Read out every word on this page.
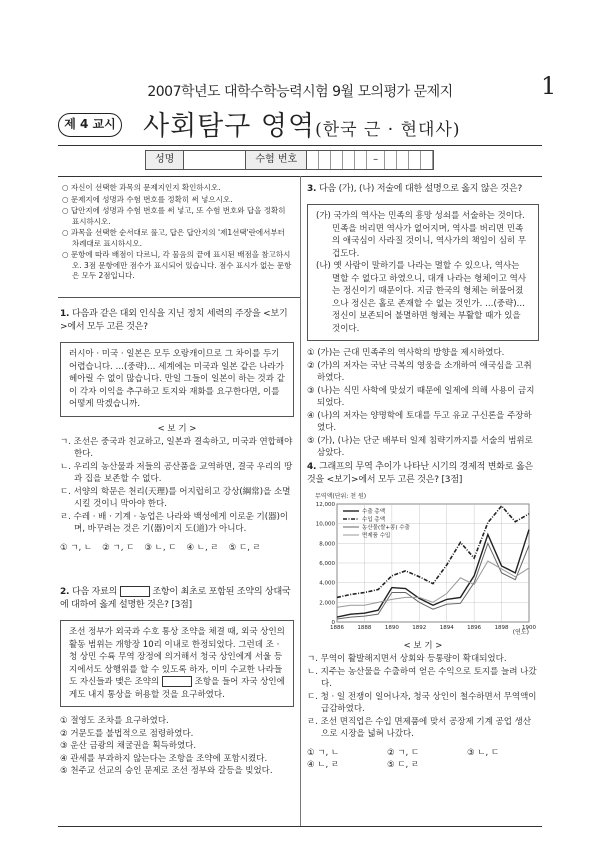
2007학년도 대학수학능력시험 9월 모의평가 문제지	1
제 4 교시 사회탐구 영역(한국 근 · 현대사)
성명	수험 번호	–
○ 자신이 선택한 과목의 문제지인지 확인하시오.
○ 문제지에 성명과 수험 번호를 정확히 써 넣으시오.
○ 답안지에 성명과 수험 번호를 써 넣고, 또 수험 번호와 답을 정확히 표시하시오.
○ 과목을 선택한 순서대로 풀고, 답은 답안지의 '제1선택'란에서부터 차례대로 표시하시오.
○ 문항에 따라 배점이 다르니, 각 물음의 끝에 표시된 배점을 참고하시오. 3점 문항에만 점수가 표시되어 있습니다. 점수 표시가 없는 문항은 모두 2점입니다.
1. 다음과 같은 대외 인식을 지닌 정치 세력의 주장을 <보기>에서 모두 고른 것은?
러시아 · 미국 · 일본은 모두 오랑캐이므로 그 차이를 두기 어렵습니다. …(중략)… 세계에는 미국과 일본 같은 나라가 헤아릴 수 없이 많습니다. 만일 그들이 일본이 하는 것과 같이 각자 이익을 추구하고 토지와 재화를 요구한다면, 이를 어떻게 막겠습니까.
< 보 기 >
ㄱ. 조선은 중국과 친교하고, 일본과 결속하고, 미국과 연합해야 한다.
ㄴ. 우리의 농산물과 저들의 공산품을 교역하면, 결국 우리의 땅과 집을 보존할 수 없다.
ㄷ. 서양의 학문은 천리(天理)를 어지럽히고 강상(綱常)을 소멸시킬 것이니 막아야 한다.
ㄹ. 수레 · 배 · 기계 · 농업은 나라와 백성에게 이로운 기(器)이며, 바꾸려는 것은 기(器)이지 도(道)가 아니다.
① ㄱ, ㄴ ② ㄱ, ㄷ ③ ㄴ, ㄷ ④ ㄴ, ㄹ ⑤ ㄷ, ㄹ
2. 다음 자료의	조항이 최초로 포함된 조약의 상대국에 대하여 옳게 설명한 것은? [3점]
조선 정부가 외국과 수호 통상 조약을 체결 때, 외국 상인의 활동 범위는 개항장 10리 이내로 한정되었다. 그런데 조 · 청 상민 수륙 무역 장정에 의거해서 청국 상인에게 서울 등지에서도 상행위를 할 수 있도록 하자, 이미 수교한 나라들도 자신들과 맺은 조약의	조항을 들어 자국 상인에게도 내지 통상을 허용할 것을 요구하였다.
① 절영도 조차를 요구하였다.
② 거문도를 불법적으로 점령하였다.
③ 운산 금광의 채굴권을 획득하였다.
④ 관세를 부과하지 않는다는 조항을 조약에 포함시켰다.
⑤ 천주교 선교의 승인 문제로 조선 정부와 갈등을 빚었다.
3. 다음 (가), (나) 저술에 대한 설명으로 옳지 않은 것은?
(가) 국가의 역사는 민족의 흥망 성쇠를 서술하는 것이다. 민족을 버리면 역사가 없어지며, 역사를 버리면 민족의 애국심이 사라질 것이니, 역사가의 책임이 심히 무겁도다.
(나) 옛 사람이 말하기를 나라는 멸할 수 있으나, 역사는 멸할 수 없다고 하였으니, 대개 나라는 형체이고 역사는 정신이기 때문이다. 지금 한국의 형체는 허물어졌으나 정신은 홀로 존재할 수 없는 것인가. …(중략)… 정신이 보존되어 불멸하면 형체는 부활할 때가 있을 것이다.
① (가)는 근대 민족주의 역사학의 방향을 제시하였다.
② (가)의 저자는 국난 극복의 영웅을 소개하여 애국심을 고취하였다.
③ (나)는 식민 사학에 맞섰기 때문에 일제에 의해 사용이 금지되었다.
④ (나)의 저자는 양명학에 토대를 두고 유교 구신론을 주장하였다.
⑤ (가), (나)는 단군 배부터 일제 침략기까지를 서술의 범위로 삼았다.
4. 그래프의 무역 추이가 나타난 시기의 경제적 변화로 옳은 것을 <보기>에서 모두 고른 것은? [3점]
무역액(단위: 천 원)
0
2,000
4,000
6,000
8,000
10,000
12,000
1886 1888 1890 1892 1894 1896 1898 1900
수출 총액
수입 총액
농산물(쌀+콩) 수출
면제품 수입
(연도)
< 보 기 >
ㄱ. 무역이 활발해지면서 상회와 등통량이 확대되었다.
ㄴ. 지주는 농산물을 수출하여 얻은 수익으로 토지를 늘려 나갔다.
ㄷ. 청 · 일 전쟁이 일어나자, 청국 상인이 철수하면서 무역액이 급감하였다.
ㄹ. 조선 면직업은 수입 면제품에 맞서 공장제 기계 공업 생산으로 시장을 넓혀 나갔다.
① ㄱ, ㄴ	② ㄱ, ㄷ	③ ㄴ, ㄷ
④ ㄴ, ㄹ	⑤ ㄷ, ㄹ
